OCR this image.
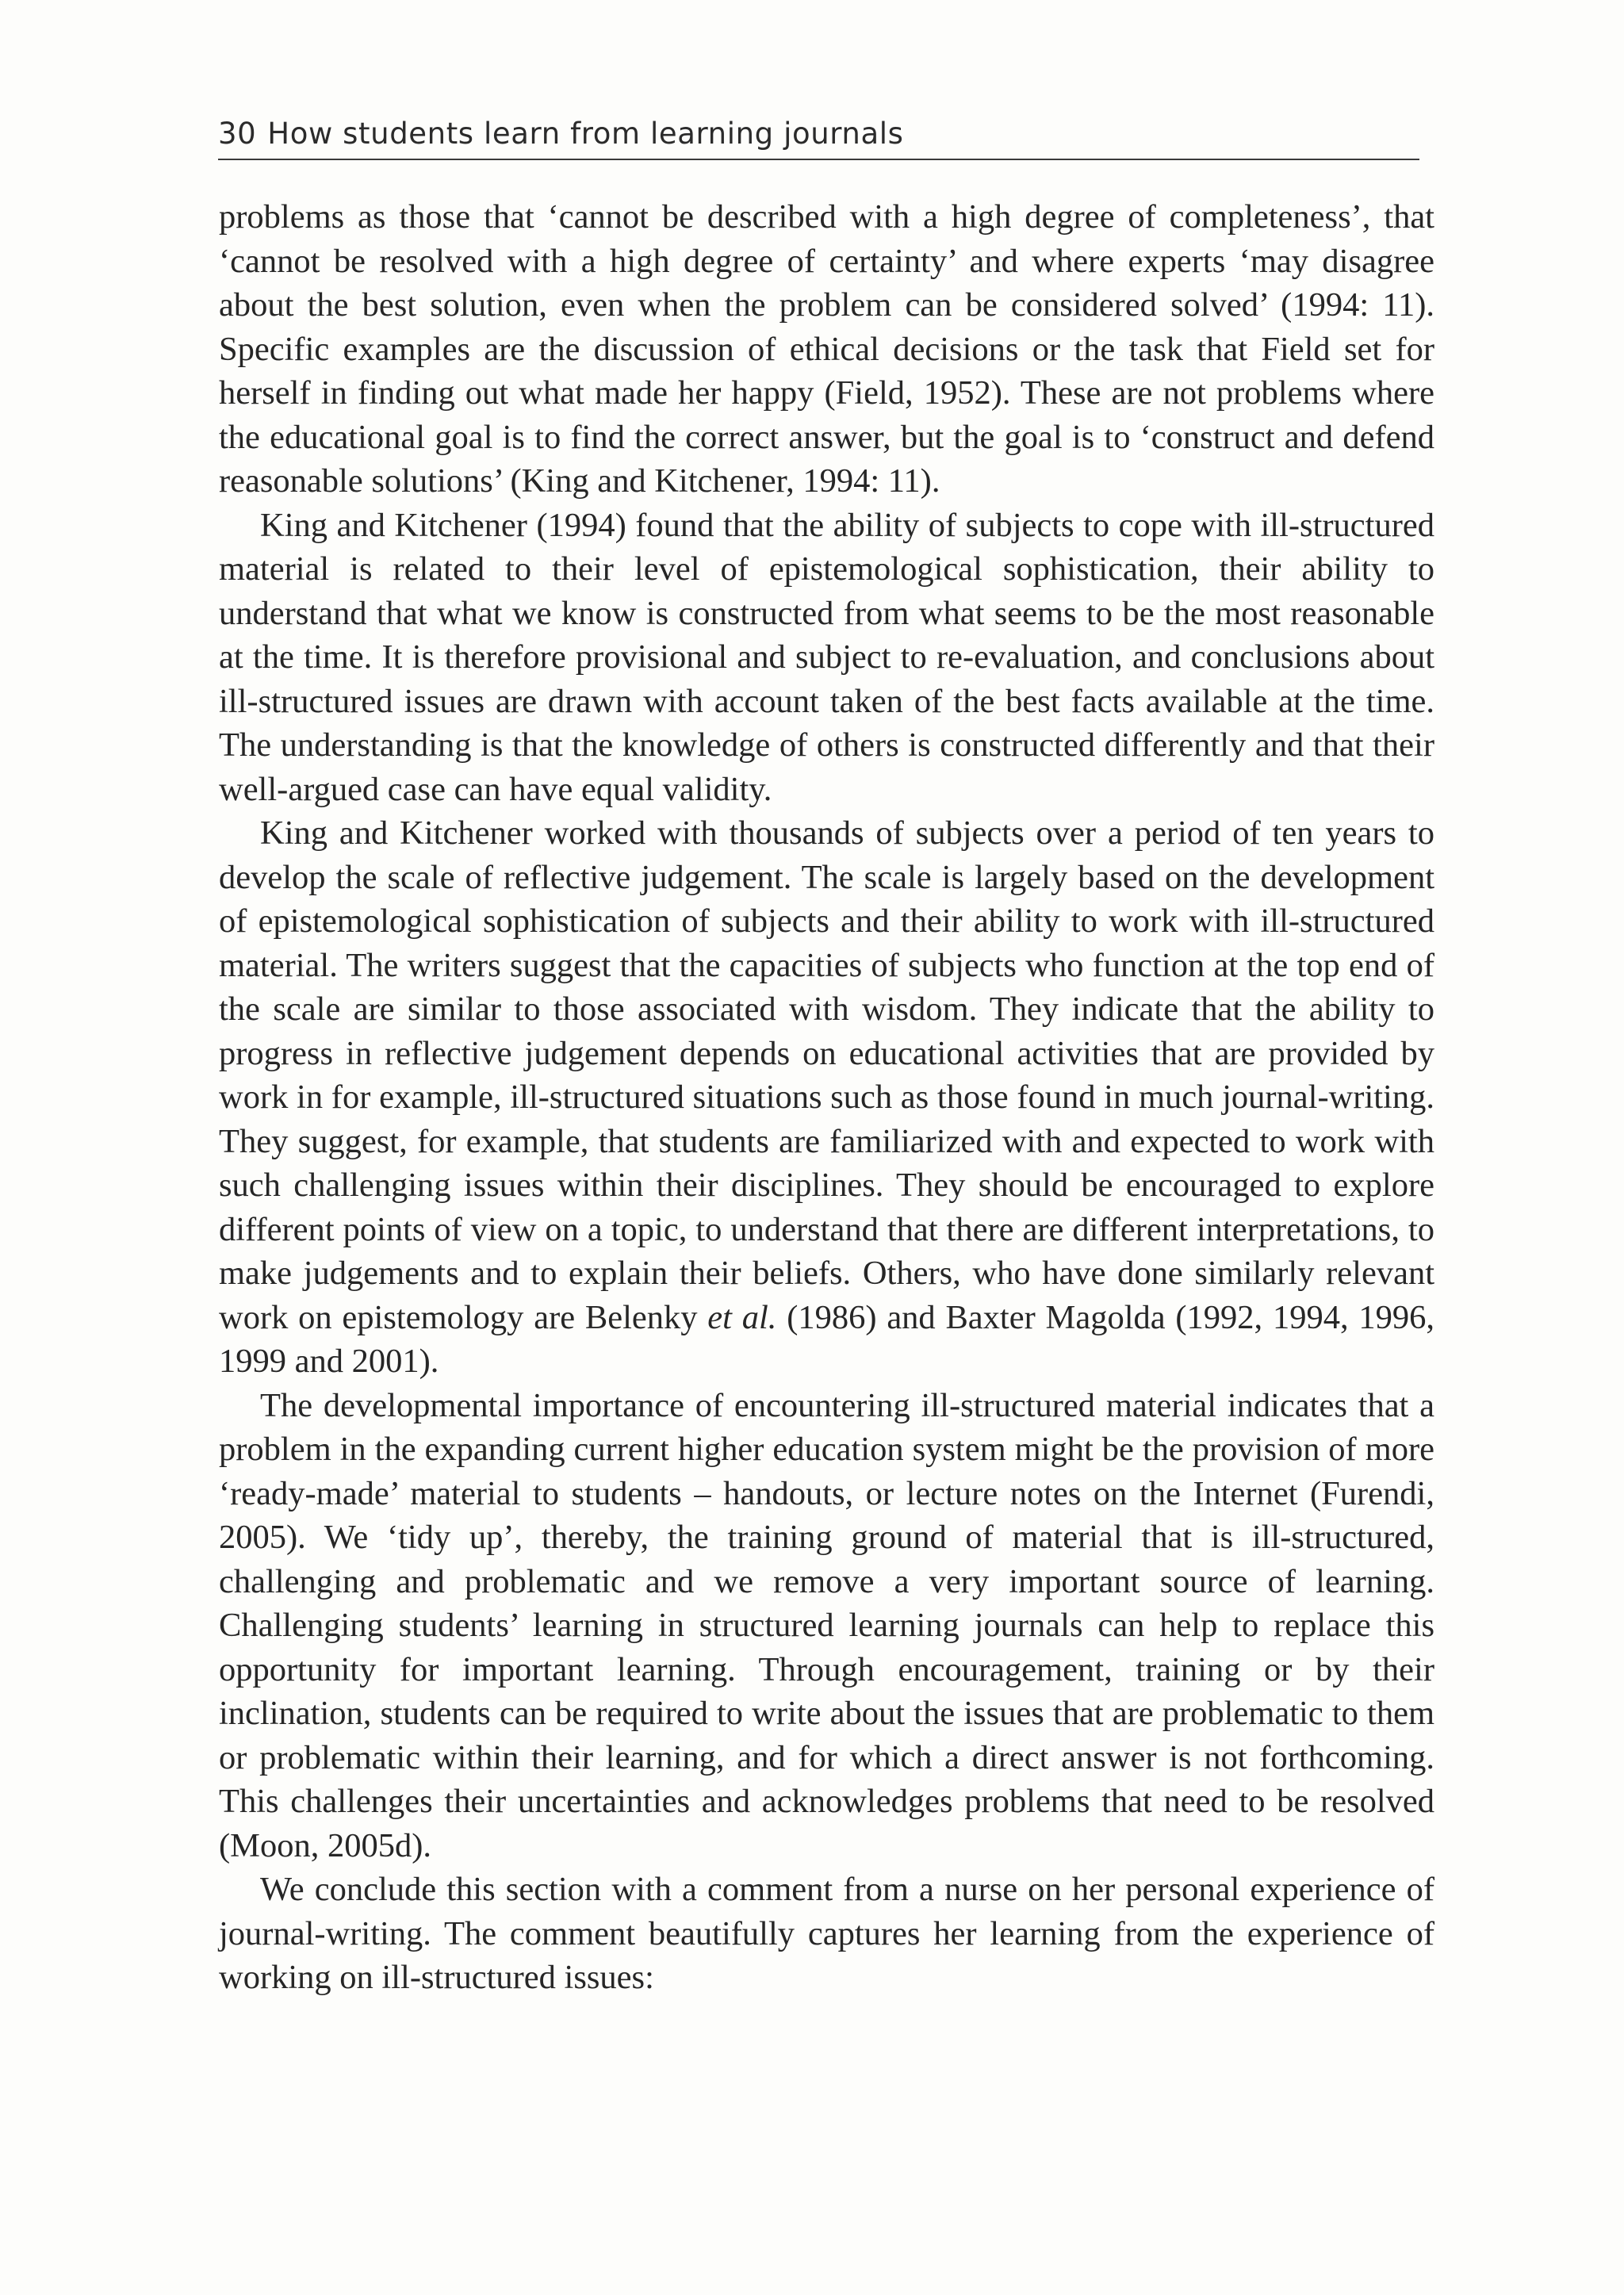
30 How students learn from learning journals

problems as those that ‘cannot be described with a high degree of completeness’, that ‘cannot be resolved with a high degree of certainty’ and where experts ‘may disagree about the best solution, even when the problem can be considered solved’ (1994: 11). Specific examples are the discussion of ethical decisions or the task that Field set for herself in finding out what made her happy (Field, 1952). These are not problems where the educational goal is to find the correct answer, but the goal is to ‘construct and defend reasonable solutions’ (King and Kitchener, 1994: 11).

King and Kitchener (1994) found that the ability of subjects to cope with ill-structured material is related to their level of epistemological sophistication, their ability to understand that what we know is constructed from what seems to be the most reasonable at the time. It is therefore provisional and subject to re-evaluation, and conclusions about ill-structured issues are drawn with account taken of the best facts available at the time. The understanding is that the knowledge of others is constructed differently and that their well-argued case can have equal validity.

King and Kitchener worked with thousands of subjects over a period of ten years to develop the scale of reflective judgement. The scale is largely based on the development of epistemological sophistication of subjects and their ability to work with ill-structured material. The writers suggest that the capacities of subjects who function at the top end of the scale are similar to those associated with wisdom. They indicate that the ability to progress in reflective judgement depends on educational activities that are provided by work in for example, ill-structured situations such as those found in much journal-writing. They suggest, for example, that students are familiarized with and expected to work with such challenging issues within their disciplines. They should be encouraged to explore different points of view on a topic, to understand that there are different interpretations, to make judgements and to explain their beliefs. Others, who have done similarly relevant work on epistemology are Belenky et al. (1986) and Baxter Magolda (1992, 1994, 1996, 1999 and 2001).

The developmental importance of encountering ill-structured material indicates that a problem in the expanding current higher education system might be the provision of more ‘ready-made’ material to students – handouts, or lecture notes on the Internet (Furendi, 2005). We ‘tidy up’, thereby, the training ground of material that is ill-structured, challenging and problematic and we remove a very important source of learning. Challenging students’ learning in structured learning journals can help to replace this opportunity for important learning. Through encouragement, training or by their inclination, students can be required to write about the issues that are problematic to them or problematic within their learning, and for which a direct answer is not forthcoming. This challenges their uncertainties and acknowledges problems that need to be resolved (Moon, 2005d).

We conclude this section with a comment from a nurse on her personal experience of journal-writing. The comment beautifully captures her learning from the experience of working on ill-structured issues:
